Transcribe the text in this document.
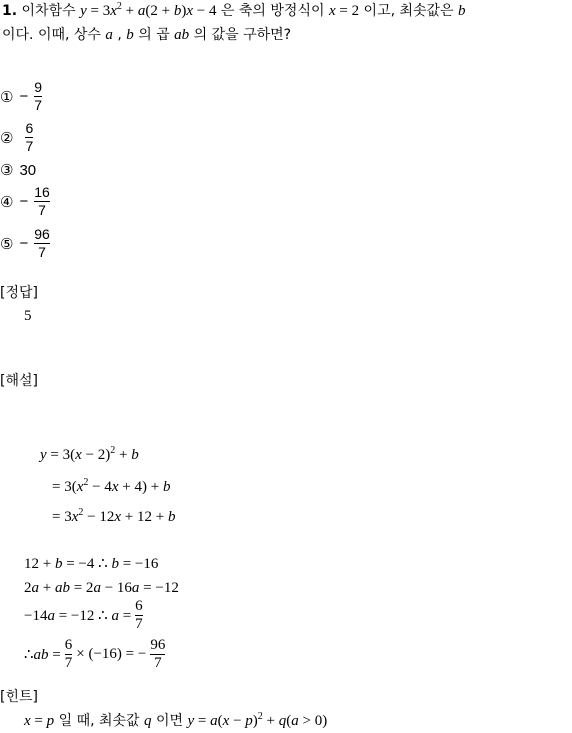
1. 이차함수 $y = 3x^2 + a(2 + b)x - 4$ 은 축의 방정식이 x = 2 이고, 최솟값은 b
이다. 이때, 상수 a , b 의 곱 ab 의 값을 구하면?
① − $\frac{9}{7}$
② $\frac{6}{7}$
③ 30
④ − $\frac{16}{7}$
⑤ − $\frac{96}{7}$
[정답]
5
[해설]
$y = 3(x - 2)^2 + b$
= $3(x^2 - 4x + 4) + b$
= $3x^2 - 12x + 12 + b$
12 + b = −4 ∴ b = −16
2a + ab = 2a − 16a = −12
−14a = −12 ∴ $a = \frac{6}{7}$
∴ab = $\frac{6}{7} \times (-16)$ = − $\frac{96}{7}$
[힌트]
x = p 일 때, 최솟값 q 이면 $y = a(x - p)^2 + q(a > 0)$
